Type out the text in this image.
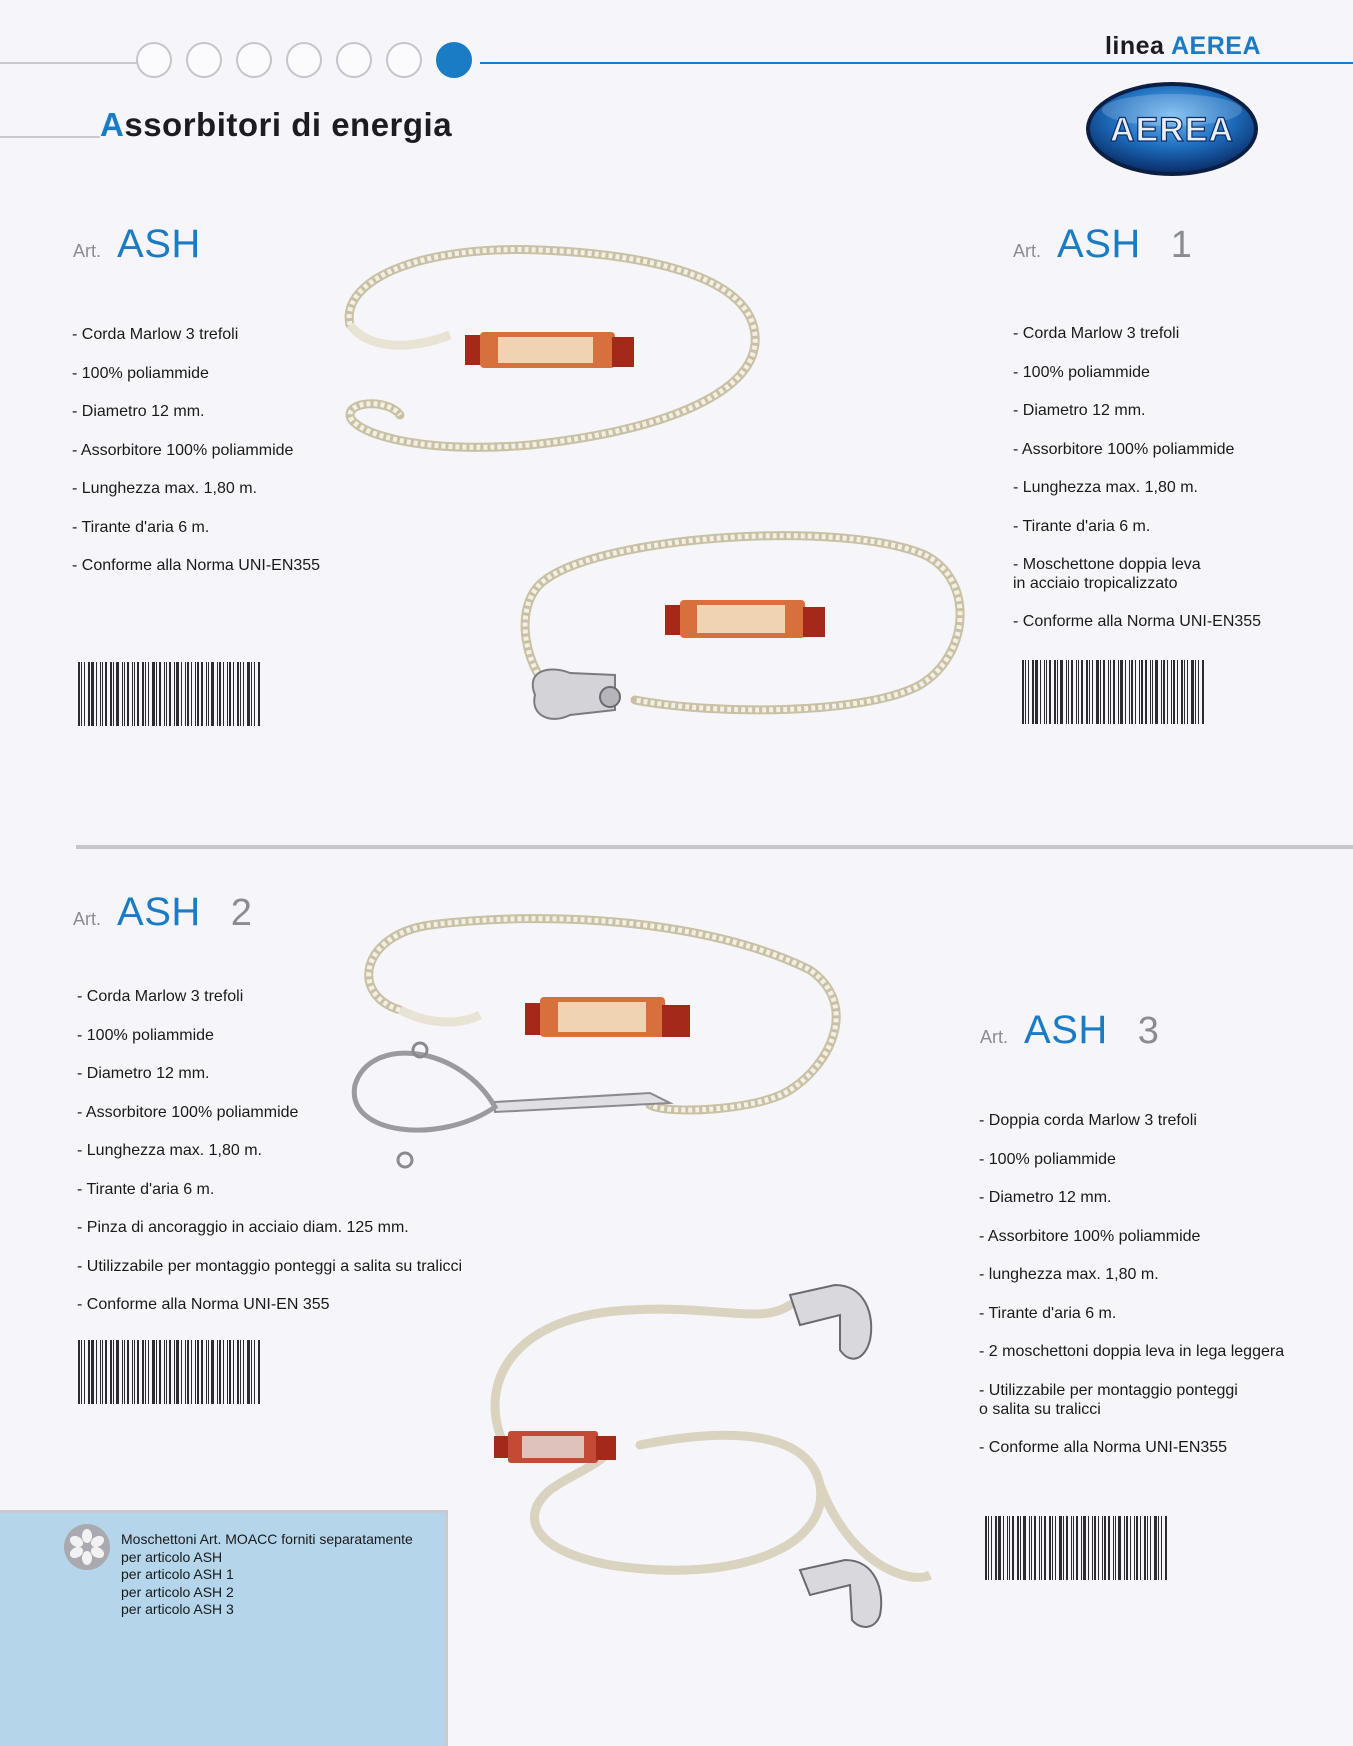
linea AEREA
Assorbitori di energia	AEREA
Art. ASH
- Corda Marlow 3 trefoli
- 100% poliammide
- Diametro 12 mm.
- Assorbitore 100% poliammide
- Lunghezza max. 1,80 m.
- Tirante d'aria 6 m.
- Conforme alla Norma UNI-EN355
Art. ASH 1
- Corda Marlow 3 trefoli
- 100% poliammide
- Diametro 12 mm.
- Assorbitore 100% poliammide
- Lunghezza max. 1,80 m.
- Tirante d'aria 6 m.
- Moschettone doppia leva
in acciaio tropicalizzato
- Conforme alla Norma UNI-EN355
Art. ASH 2
- Corda Marlow 3 trefoli
- 100% poliammide
- Diametro 12 mm.
- Assorbitore 100% poliammide
- Lunghezza max. 1,80 m.
- Tirante d'aria 6 m.
- Pinza di ancoraggio in acciaio diam. 125 mm.
- Utilizzabile per montaggio ponteggi a salita su tralicci
- Conforme alla Norma UNI-EN 355
Art. ASH 3
- Doppia corda Marlow 3 trefoli
- 100% poliammide
- Diametro 12 mm.
- Assorbitore 100% poliammide
- lunghezza max. 1,80 m.
- Tirante d'aria 6 m.
- 2 moschettoni doppia leva in lega leggera
- Utilizzabile per montaggio ponteggi
o salita su tralicci
- Conforme alla Norma UNI-EN355
Moschettoni Art. MOACC forniti separatamente
per articolo ASH
per articolo ASH 1
per articolo ASH 2
per articolo ASH 3
